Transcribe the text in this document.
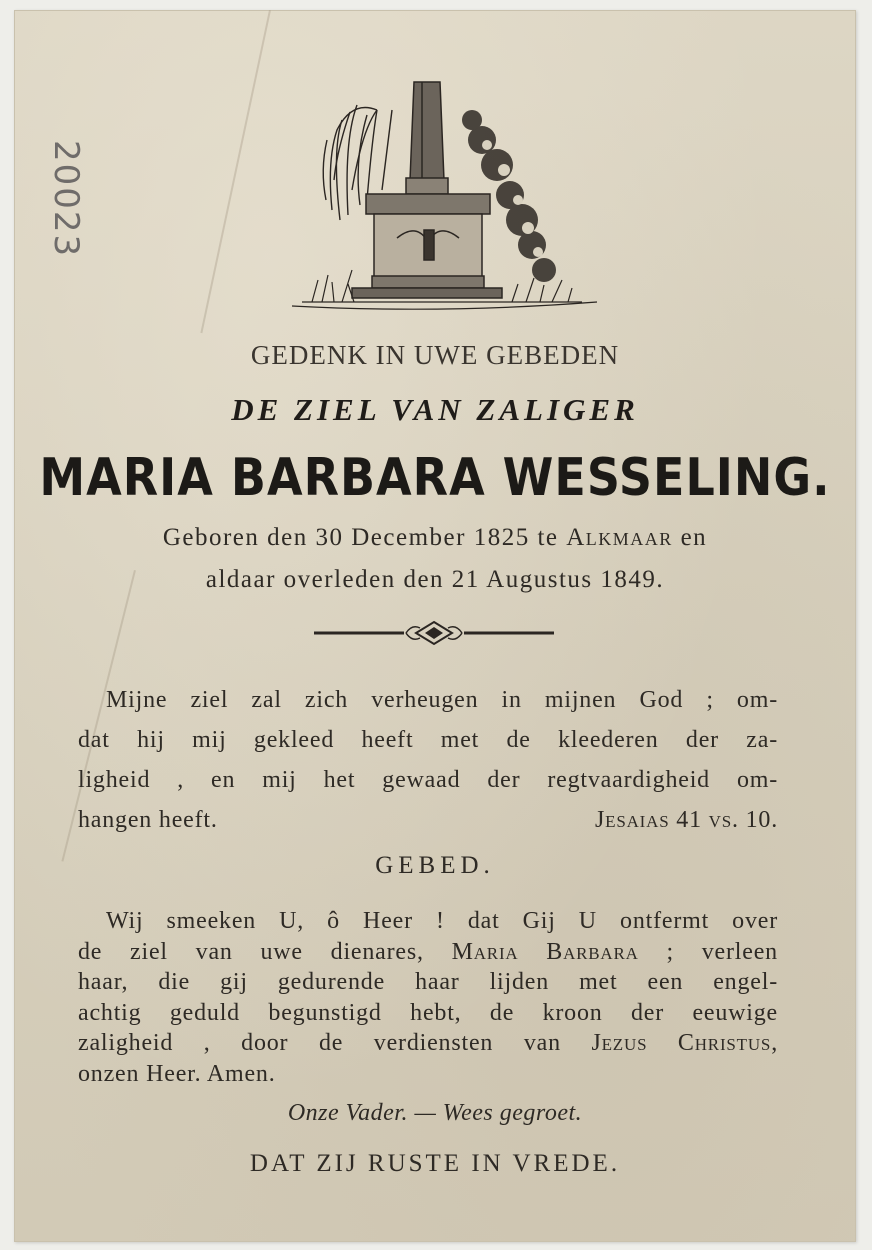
20023
GEDENK IN UWE GEBEDEN
DE ZIEL VAN ZALIGER
MARIA BARBARA WESSELING.
Geboren den 30 December 1825 te Alkmaar en
aldaar overleden den 21 Augustus 1849.
Mijne ziel zal zich verheugen in mijnen God ; om-
dat hij mij gekleed heeft met de kleederen der za-
ligheid , en mij het gewaad der regtvaardigheid om-
hangen heeft.	Jesaias 41 vs. 10.
GEBED.
Wij smeeken U, ô Heer ! dat Gij U ontfermt over
de ziel van uwe dienares, Maria Barbara ; verleen
haar, die gij gedurende haar lijden met een engel-
achtig geduld begunstigd hebt, de kroon der eeuwige
zaligheid , door de verdiensten van Jezus Christus,
onzen Heer. Amen.
Onze Vader. — Wees gegroet.
DAT ZIJ RUSTE IN VREDE.
